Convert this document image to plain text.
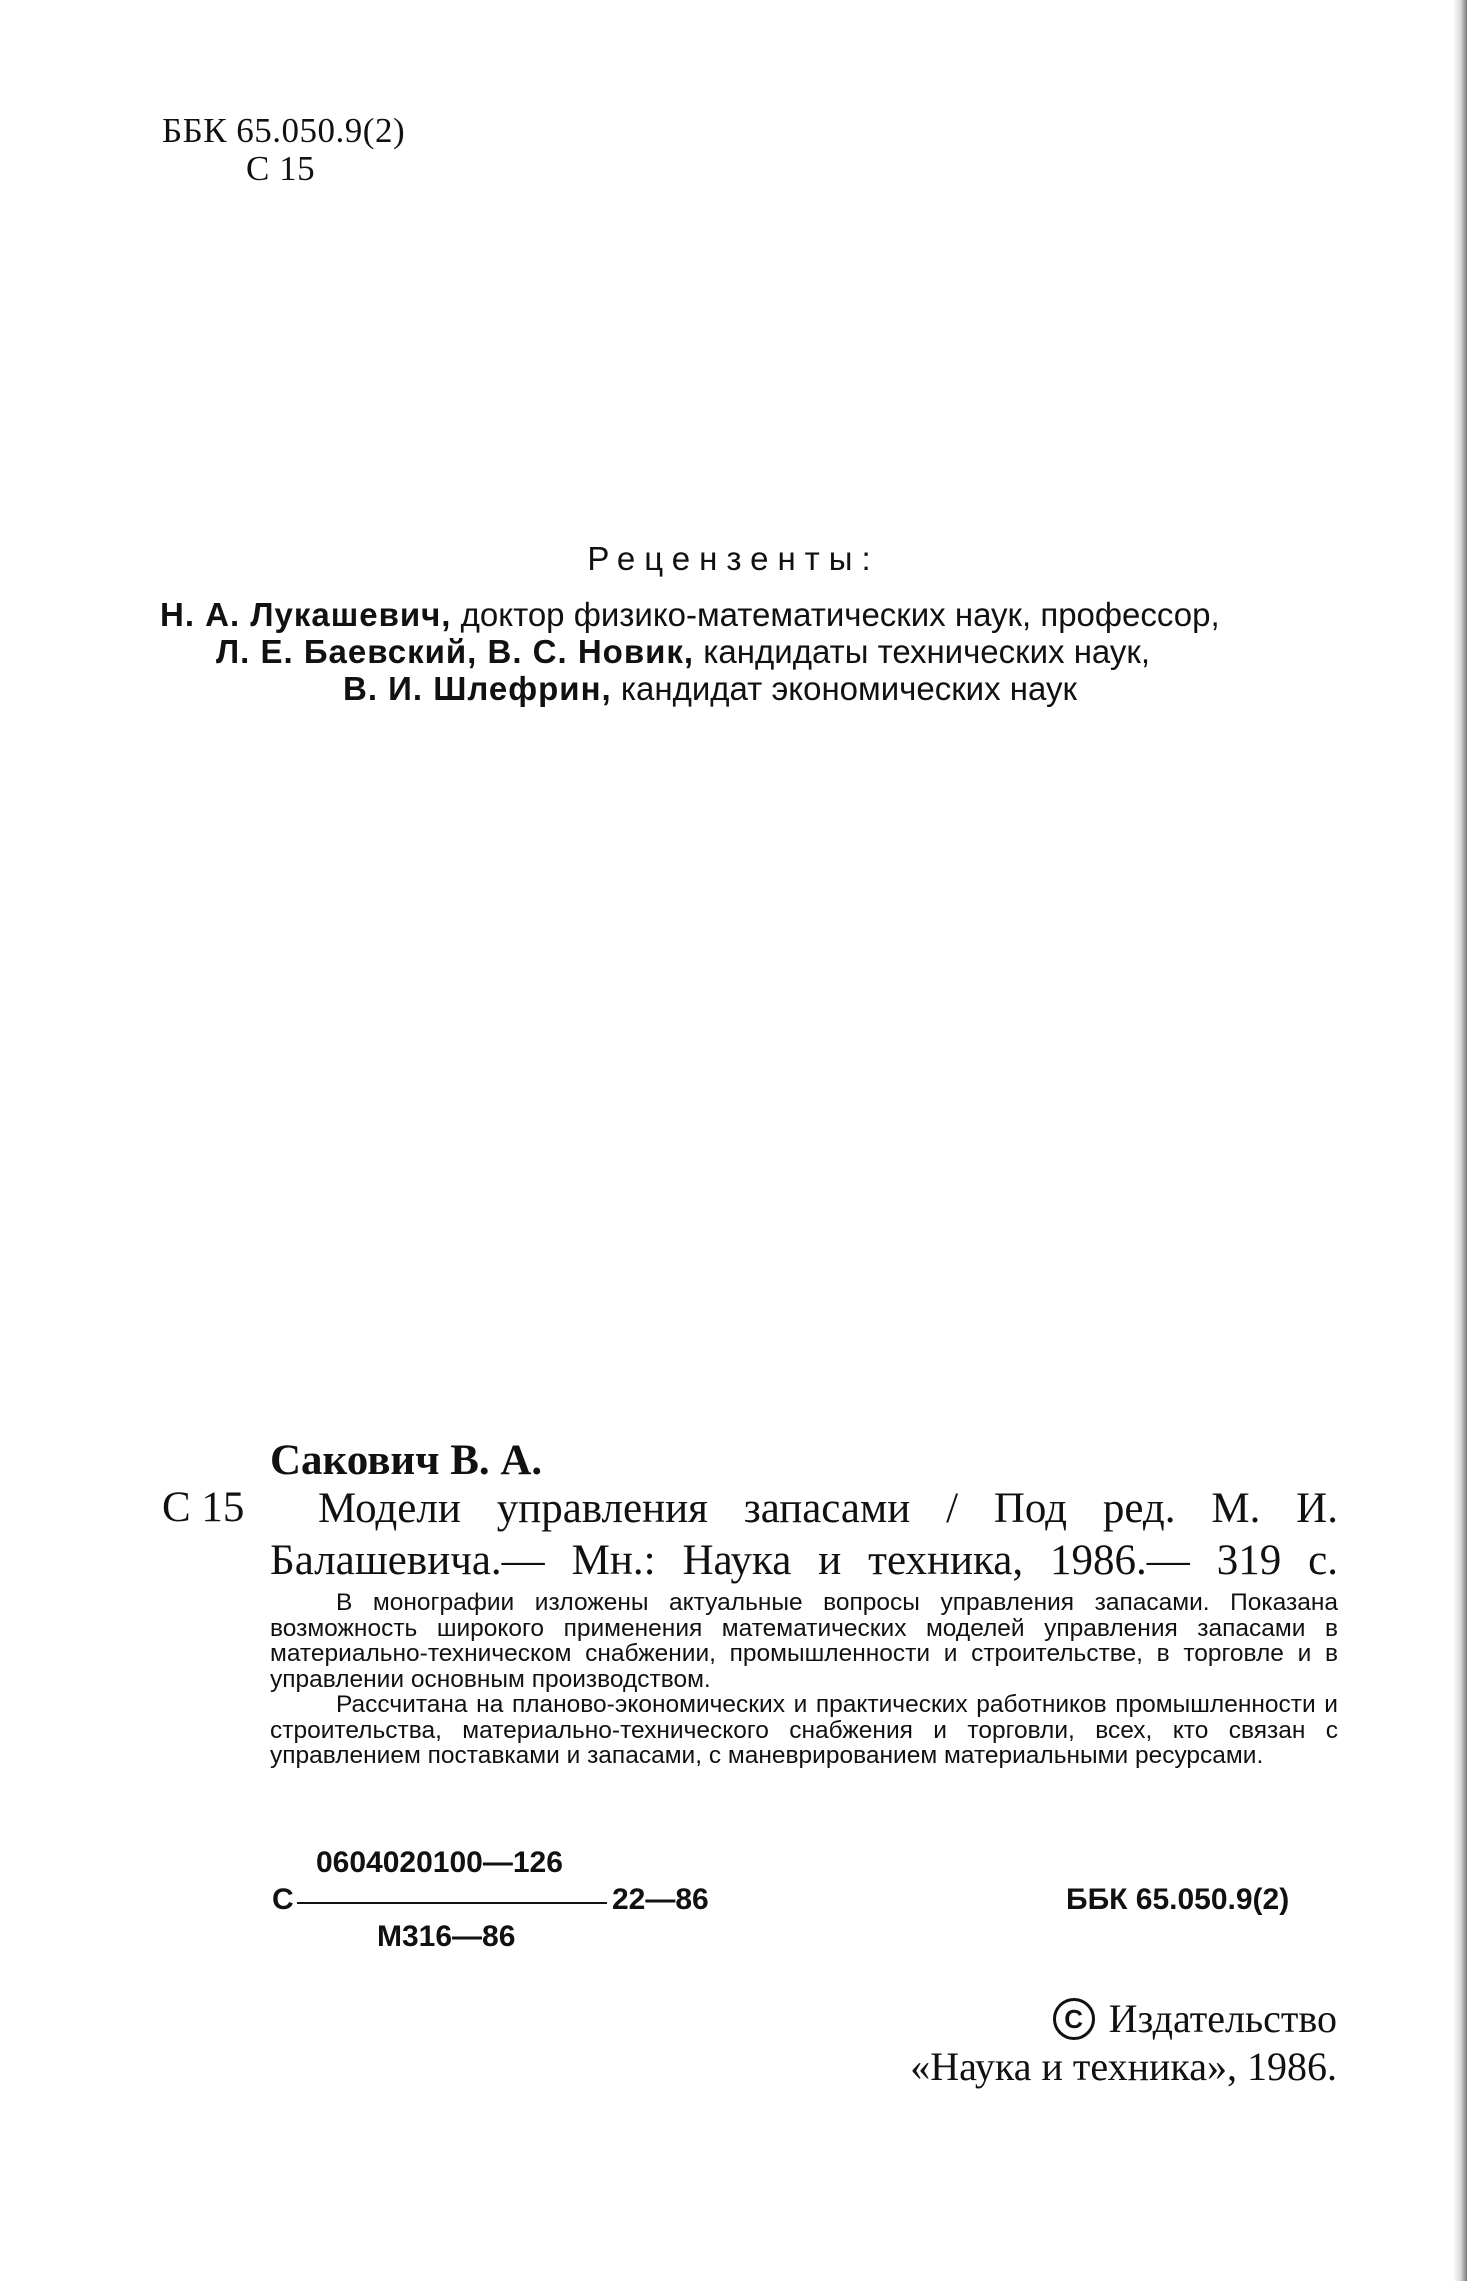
ББК 65.050.9(2)
С 15
Рецензенты:
Н. А. Лукашевич, доктор физико-математических наук, профессор,
Л. Е. Баевский, В. С. Новик, кандидаты технических наук,
В. И. Шлефрин, кандидат экономических наук
Сакович В. А.
С 15 Модели управления запасами / Под ред. М. И.
Балашевича.— Мн.: Наука и техника, 1986.— 319 с.

В монографии изложены актуальные вопросы управления запасами. Показана возможность широкого применения математических моделей управления запасами в материально-техническом снабжении, промышленности и строительстве, в торговле и в управлении основным производством.

Рассчитана на планово-экономических и практических работников промышленности и строительства, материально-технического снабжения и торговли, всех, кто связан с управлением поставками и запасами, с маневрированием материальными ресурсами.

0604020100—126
С	22—86
М316—86
ББК 65.050.9(2)
C Издательство
«Наука и техника», 1986.
